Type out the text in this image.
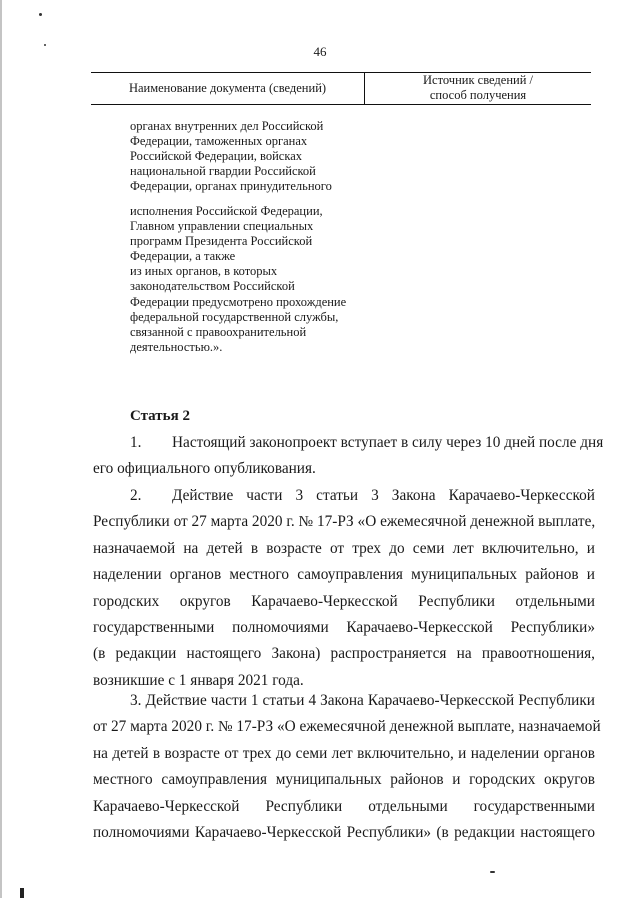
46
Наименование документа (сведений)
Источник сведений /
способ получения
органах внутренних дел Российской
Федерации, таможенных органах
Российской Федерации, войсках
национальной гвардии Российской
Федерации, органах принудительного
исполнения Российской Федерации,
Главном управлении специальных
программ Президента Российской
Федерации, а также
из иных органов, в которых
законодательством Российской
Федерации предусмотрено прохождение
федеральной государственной службы,
связанной с правоохранительной
деятельностью.».
Статья 2
1. Настоящий законопроект вступает в силу через 10 дней после дня
его официального опубликования.
2. Действие части 3 статьи 3 Закона Карачаево-Черкесской
Республики от 27 марта 2020 г. № 17-РЗ «О ежемесячной денежной выплате,
назначаемой на детей в возрасте от трех до семи лет включительно, и
наделении органов местного самоуправления муниципальных районов и
городских округов Карачаево-Черкесской Республики отдельными
государственными полномочиями Карачаево-Черкесской Республики»
(в редакции настоящего Закона) распространяется на правоотношения,
возникшие с 1 января 2021 года.
3. Действие части 1 статьи 4 Закона Карачаево-Черкесской Республики
от 27 марта 2020 г. № 17-РЗ «О ежемесячной денежной выплате, назначаемой
на детей в возрасте от трех до семи лет включительно, и наделении органов
местного самоуправления муниципальных районов и городских округов
Карачаево-Черкесской Республики отдельными государственными
полномочиями Карачаево-Черкесской Республики» (в редакции настоящего
